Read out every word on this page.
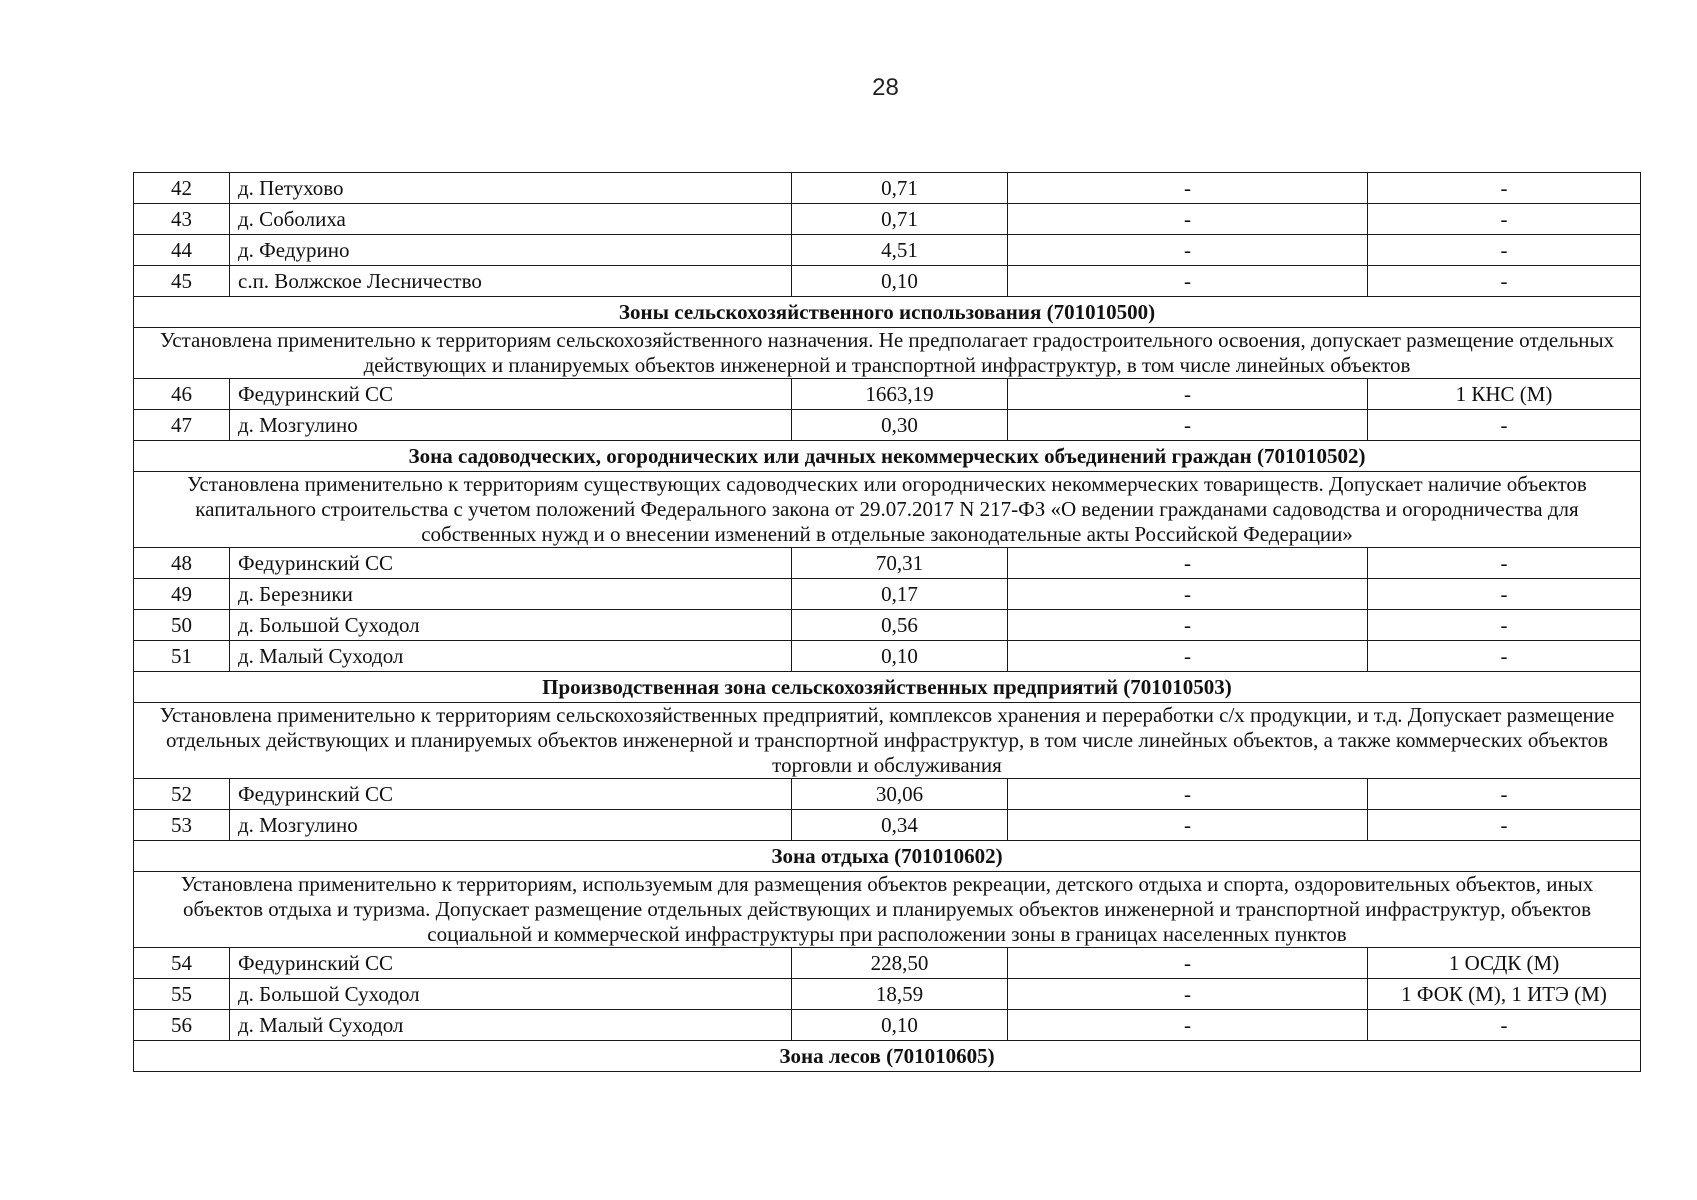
28
42	д. Петухово	0,71	-	-
43	д. Соболиха	0,71	-	-
44	д. Федурино	4,51	-	-
45	с.п. Волжское Лесничество	0,10	-	-
Зоны сельскохозяйственного использования (701010500)				
Установлена применительно к территориям сельскохозяйственного назначения. Не предполагает градостроительного освоения, допускает размещение отдельных действующих и планируемых объектов инженерной и транспортной инфраструктур, в том числе линейных объектов				
46	Федуринский СС	1663,19	-	1 КНС (М)
47	д. Мозгулино	0,30	-	-
Зона садоводческих, огороднических или дачных некоммерческих объединений граждан (701010502)				
Установлена применительно к территориям существующих садоводческих или огороднических некоммерческих товариществ. Допускает наличие объектов капитального строительства с учетом положений Федерального закона от 29.07.2017 N 217-ФЗ «О ведении гражданами садоводства и огородничества для собственных нужд и о внесении изменений в отдельные законодательные акты Российской Федерации»				
48	Федуринский СС	70,31	-	-
49	д. Березники	0,17	-	-
50	д. Большой Суходол	0,56	-	-
51	д. Малый Суходол	0,10	-	-
Производственная зона сельскохозяйственных предприятий (701010503)				
Установлена применительно к территориям сельскохозяйственных предприятий, комплексов хранения и переработки с/х продукции, и т.д. Допускает размещение отдельных действующих и планируемых объектов инженерной и транспортной инфраструктур, в том числе линейных объектов, а также коммерческих объектов торговли и обслуживания				
52	Федуринский СС	30,06	-	-
53	д. Мозгулино	0,34	-	-
Зона отдыха (701010602)				
Установлена применительно к территориям, используемым для размещения объектов рекреации, детского отдыха и спорта, оздоровительных объектов, иных объектов отдыха и туризма. Допускает размещение отдельных действующих и планируемых объектов инженерной и транспортной инфраструктур, объектов социальной и коммерческой инфраструктуры при расположении зоны в границах населенных пунктов				
54	Федуринский СС	228,50	-	1 ОСДК (М)
55	д. Большой Суходол	18,59	-	1 ФОК (М), 1 ИТЭ (М)
56	д. Малый Суходол	0,10	-	-
Зона лесов (701010605)				
